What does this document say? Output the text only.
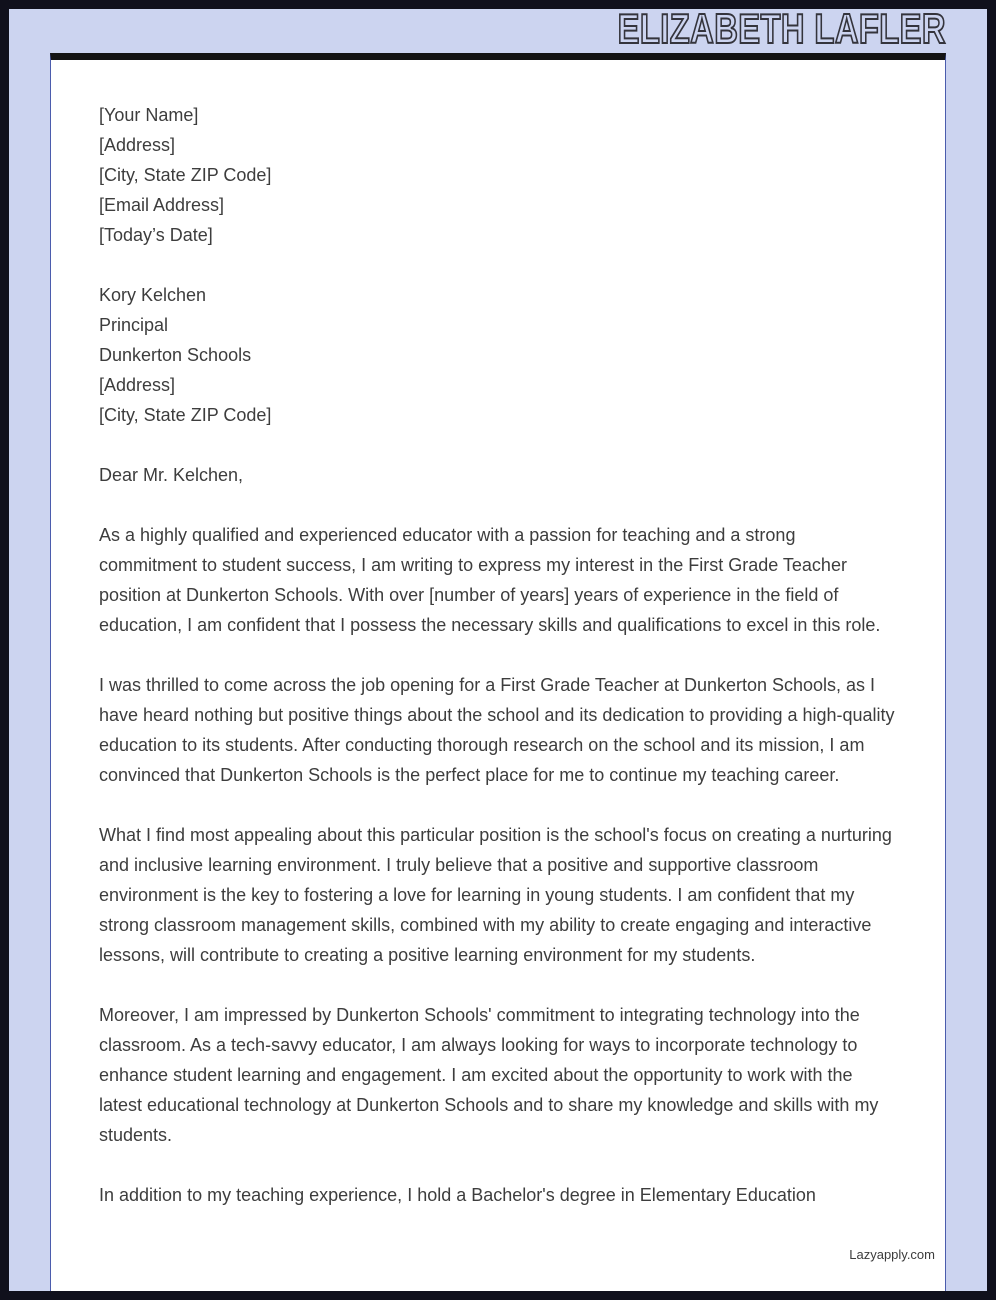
ELIZABETH LAFLER
[Your Name]
[Address]
[City, State ZIP Code]
[Email Address]
[Today’s Date]
Kory Kelchen
Principal
Dunkerton Schools
[Address]
[City, State ZIP Code]
Dear Mr. Kelchen,

As a highly qualified and experienced educator with a passion for teaching and a strong commitment to student success, I am writing to express my interest in the First Grade Teacher position at Dunkerton Schools. With over [number of years] years of experience in the field of education, I am confident that I possess the necessary skills and qualifications to excel in this role.

I was thrilled to come across the job opening for a First Grade Teacher at Dunkerton Schools, as I have heard nothing but positive things about the school and its dedication to providing a high-quality education to its students. After conducting thorough research on the school and its mission, I am convinced that Dunkerton Schools is the perfect place for me to continue my teaching career.

What I find most appealing about this particular position is the school's focus on creating a nurturing and inclusive learning environment. I truly believe that a positive and supportive classroom environment is the key to fostering a love for learning in young students. I am confident that my strong classroom management skills, combined with my ability to create engaging and interactive lessons, will contribute to creating a positive learning environment for my students.

Moreover, I am impressed by Dunkerton Schools' commitment to integrating technology into the classroom. As a tech-savvy educator, I am always looking for ways to incorporate technology to enhance student learning and engagement. I am excited about the opportunity to work with the latest educational technology at Dunkerton Schools and to share my knowledge and skills with my students.

In addition to my teaching experience, I hold a Bachelor's degree in Elementary Education

Lazyapply.com
